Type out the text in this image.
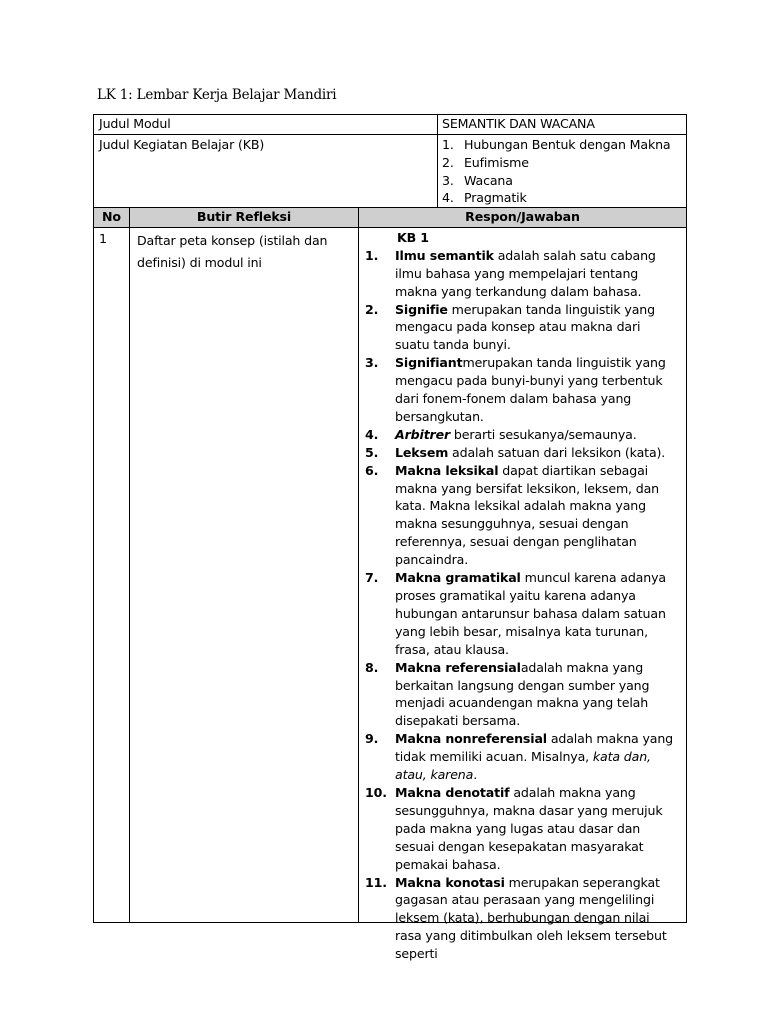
LK 1: Lembar Kerja Belajar Mandiri
Judul Modul	SEMANTIK DAN WACANA
Judul Kegiatan Belajar (KB)	1. Hubungan Bentuk dengan Makna
2. Eufimisme
3. Wacana
4. Pragmatik
No	Butir Refleksi	Respon/Jawaban
1	Daftar peta konsep (istilah dan definisi) di modul ini
KB 1
1.	Ilmu semantik adalah salah satu cabang ilmu bahasa yang mempelajari tentang makna yang terkandung dalam bahasa.
2.	Signifie merupakan tanda linguistik yang mengacu pada konsep atau makna dari suatu tanda bunyi.
3.	Signifiantmerupakan tanda linguistik yang mengacu pada bunyi-bunyi yang terbentuk dari fonem-fonem dalam bahasa yang bersangkutan.
4.	Arbitrer berarti sesukanya/semaunya.
5.	Leksem adalah satuan dari leksikon (kata).
6.	Makna leksikal dapat diartikan sebagai makna yang bersifat leksikon, leksem, dan kata. Makna leksikal adalah makna yang makna sesungguhnya, sesuai dengan referennya, sesuai dengan penglihatan pancaindra.
7.	Makna gramatikal muncul karena adanya proses gramatikal yaitu karena adanya hubungan antarunsur bahasa dalam satuan yang lebih besar, misalnya kata turunan, frasa, atau klausa.
8.	Makna referensialadalah makna yang berkaitan langsung dengan sumber yang menjadi acuandengan makna yang telah disepakati bersama.
9.	Makna nonreferensial adalah makna yang tidak memiliki acuan. Misalnya, kata dan, atau, karena.
10. Makna denotatif adalah makna yang sesungguhnya, makna dasar yang merujuk pada makna yang lugas atau dasar dan sesuai dengan kesepakatan masyarakat pemakai bahasa.
11. Makna konotasi merupakan seperangkat gagasan atau perasaan yang mengelilingi leksem (kata), berhubungan dengan nilai rasa yang ditimbulkan oleh leksem tersebut seperti
